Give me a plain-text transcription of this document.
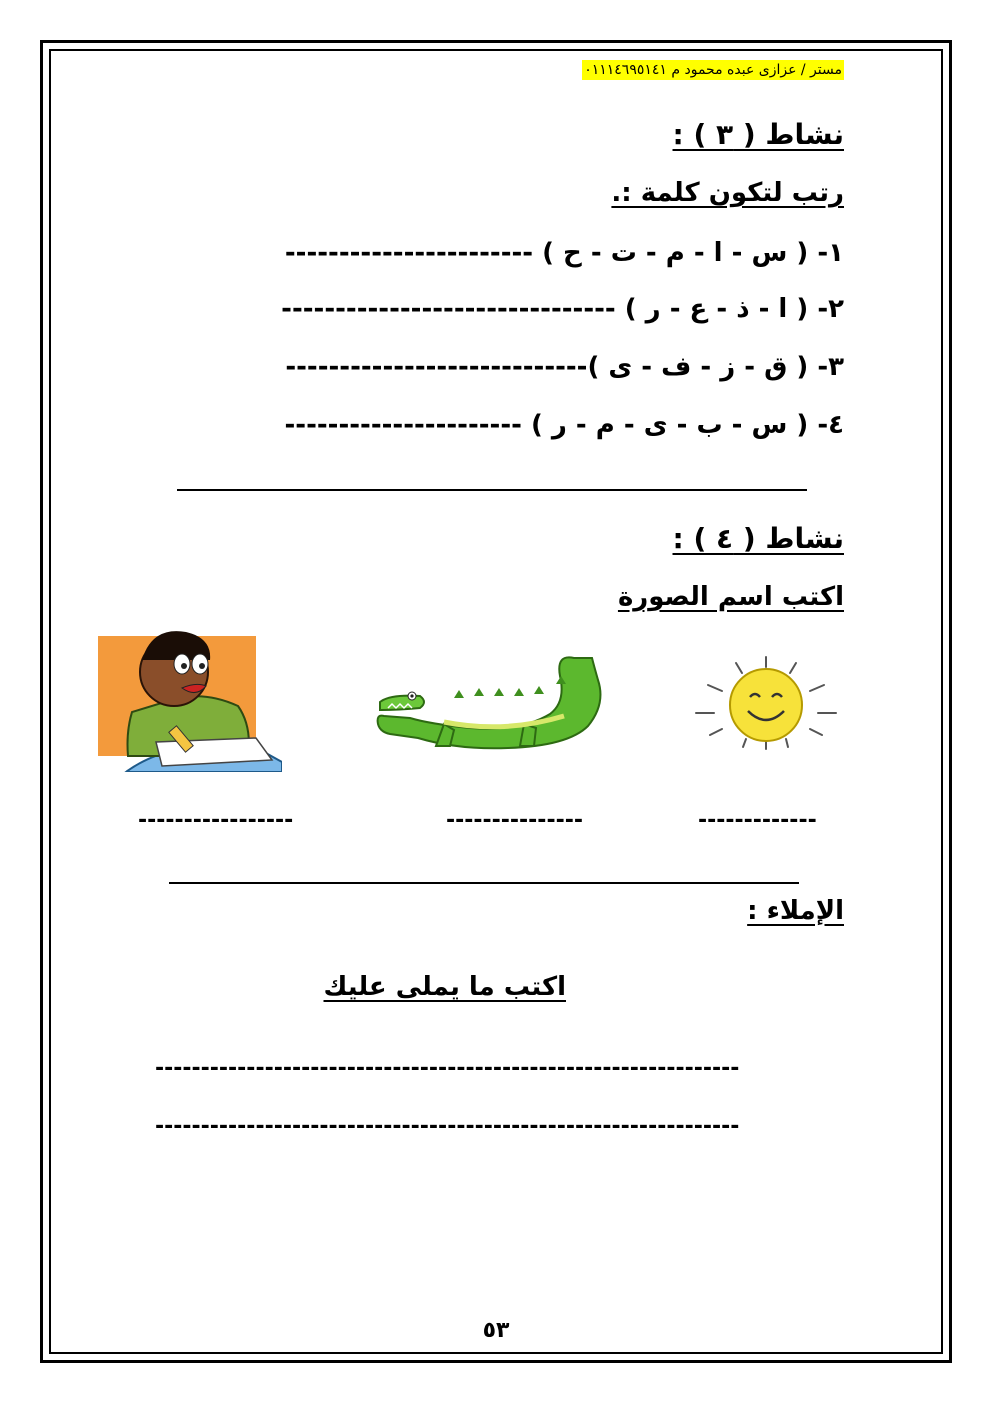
مستر / عزازى عبده محمود م ٠١١١٤٦٩٥١٤١
نشاط ( ٣ ) :
رتب لتكون كلمة :.
١- ( س - ا - م - ت - ح ) -----------------------
٢- ( ا - ذ - ع - ر ) -------------------------------
٣- ( ق - ز - ف - ى )----------------------------
٤- ( س - ب - ى - م - ر ) ----------------------
نشاط ( ٤ ) :
اكتب اسم الصورة
-------------
---------------
-----------------
الإملاء :
اكتب ما يملى عليك
----------------------------------------------------------------
----------------------------------------------------------------
٥٣
